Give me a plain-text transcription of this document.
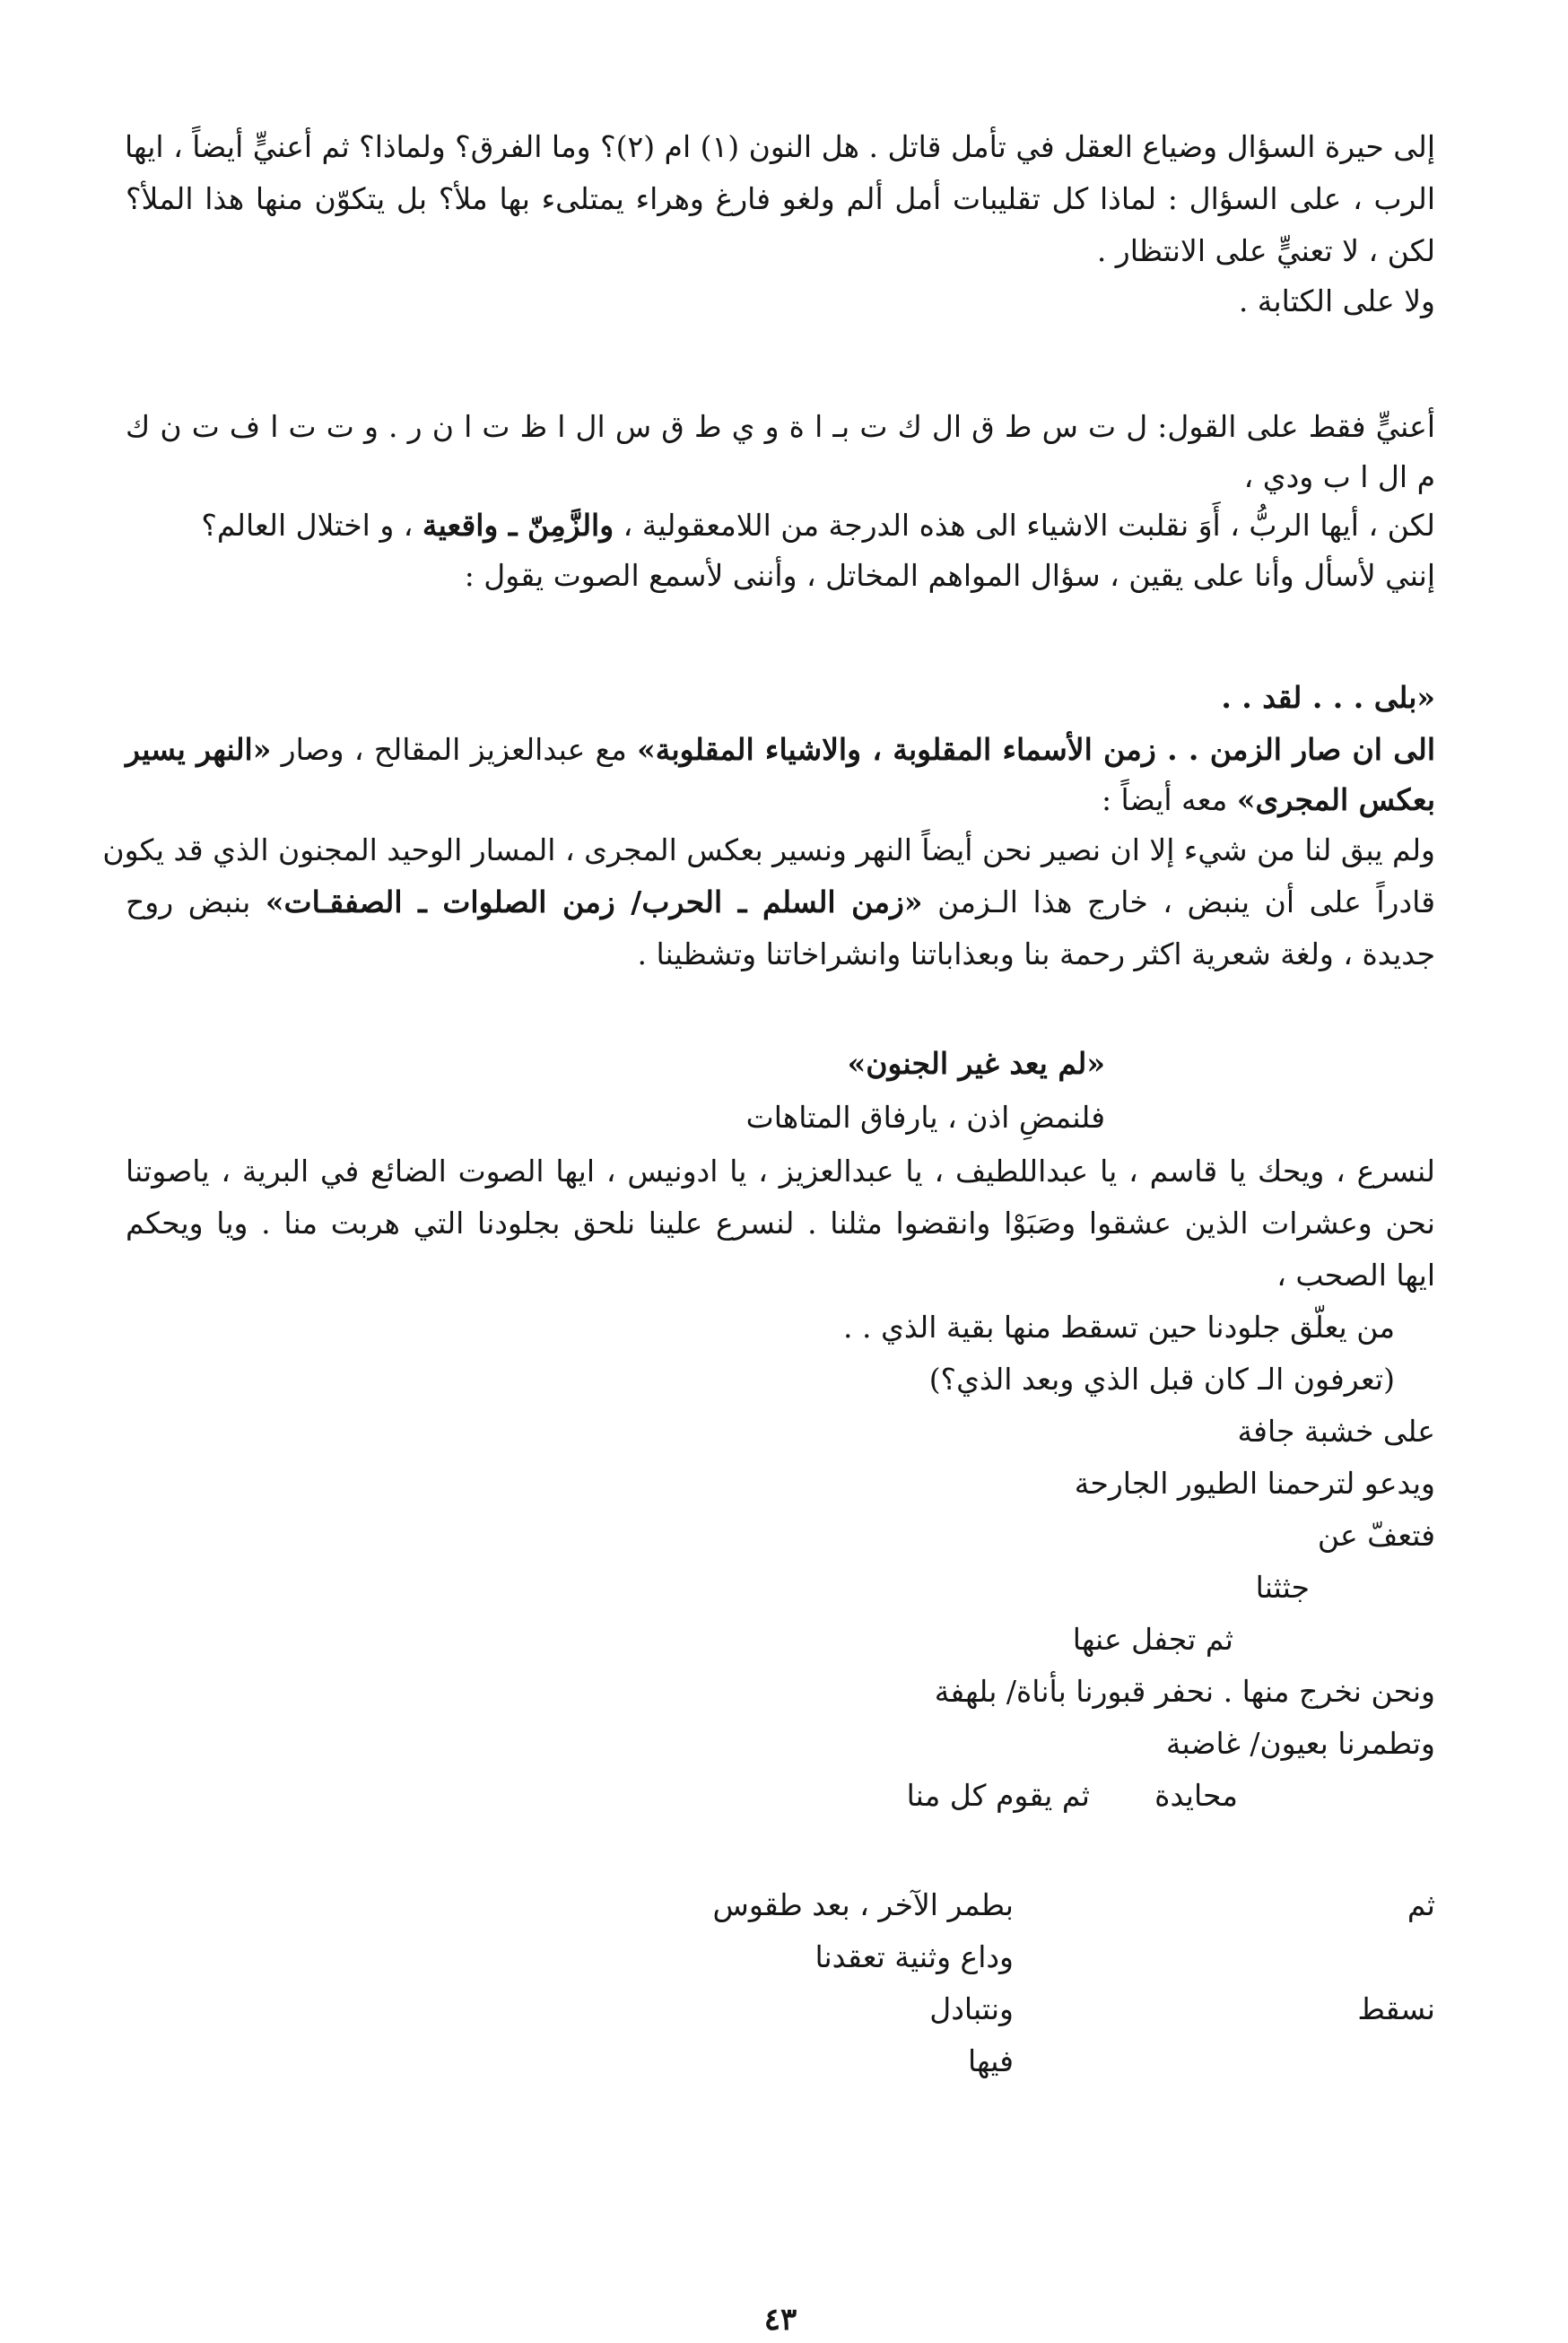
إلى حيرة السؤال وضياع العقل في تأمل قاتل . هل النون (١) ام (٢)؟ وما الفرق؟ ولماذا؟ ثم أعنيٍّ أيضاً ، ايها

الرب ، على السؤال : لماذا كل تقليبات أمل ألم ولغو فارغ وهراء يمتلىء بها ملأ؟ بل يتكوّن منها هذا الملأ؟

لكن ، لا تعنيٍّ على الانتظار .

ولا على الكتابة .

أعنيٍّ فقط على القول: ل ت س ط ق ال ك ت بـ ا ة و ي ط ق س ال ا ظ ت ا ن ر . و ت ت ا ف ت ن ك

م ال ا ب ودي ،

لكن ، أيها الربُّ ، أَوَ نقلبت الاشياء الى هذه الدرجة من اللامعقولية ، والزَّمِنّ ـ واقعية ، و اختلال العالم؟

إنني لأسأل وأنا على يقين ، سؤال المواهم المخاتل ، وأننى لأسمع الصوت يقول :

«بلى . . . لقد . .

الى ان صار الزمن . . زمن الأسماء المقلوبة ، والاشياء المقلوبة» مع عبدالعزيز المقالح ، وصار «النهر يسير

بعكس المجرى» معه أيضاً :

ولم يبق لنا من شيء إلا ان نصير نحن أيضاً النهر ونسير بعكس المجرى ، المسار الوحيد المجنون الذي قد يكون

قادراً على أن ينبض ، خارج هذا الـزمن «زمن السلم ـ الحرب/ زمن الصلوات ـ الصفقـات» بنبض روح

جديدة ، ولغة شعرية اكثر رحمة بنا وبعذاباتنا وانشراخاتنا وتشظينا .

«لم يعد غير الجنون»

فلنمضِ اذن ، يارفاق المتاهات

لنسرع ، ويحك يا قاسم ، يا عبداللطيف ، يا عبدالعزيز ، يا ادونيس ، ايها الصوت الضائع في البرية ، ياصوتنا

نحن وعشرات الذين عشقوا وصَبَوْا وانقضوا مثلنا . لنسرع علينا نلحق بجلودنا التي هربت منا . ويا ويحكم

ايها الصحب ،

من يعلّق جلودنا حين تسقط منها بقية الذي . .

(تعرفون الـ كان قبل الذي وبعد الذي؟)

على خشبة جافة

ويدعو لترحمنا الطيور الجارحة

فتعفّ عن

جثثنا

ثم تجفل عنها

ونحن نخرج منها . نحفر قبورنا بأناة/ بلهفة

وتطمرنا بعيون/ غاضبة

محايدة

ثم يقوم كل منا

ثم

بطمر الآخر ، بعد طقوس

وداع وثنية تعقدنا

نسقط

ونتبادل

فيها

٤٣
